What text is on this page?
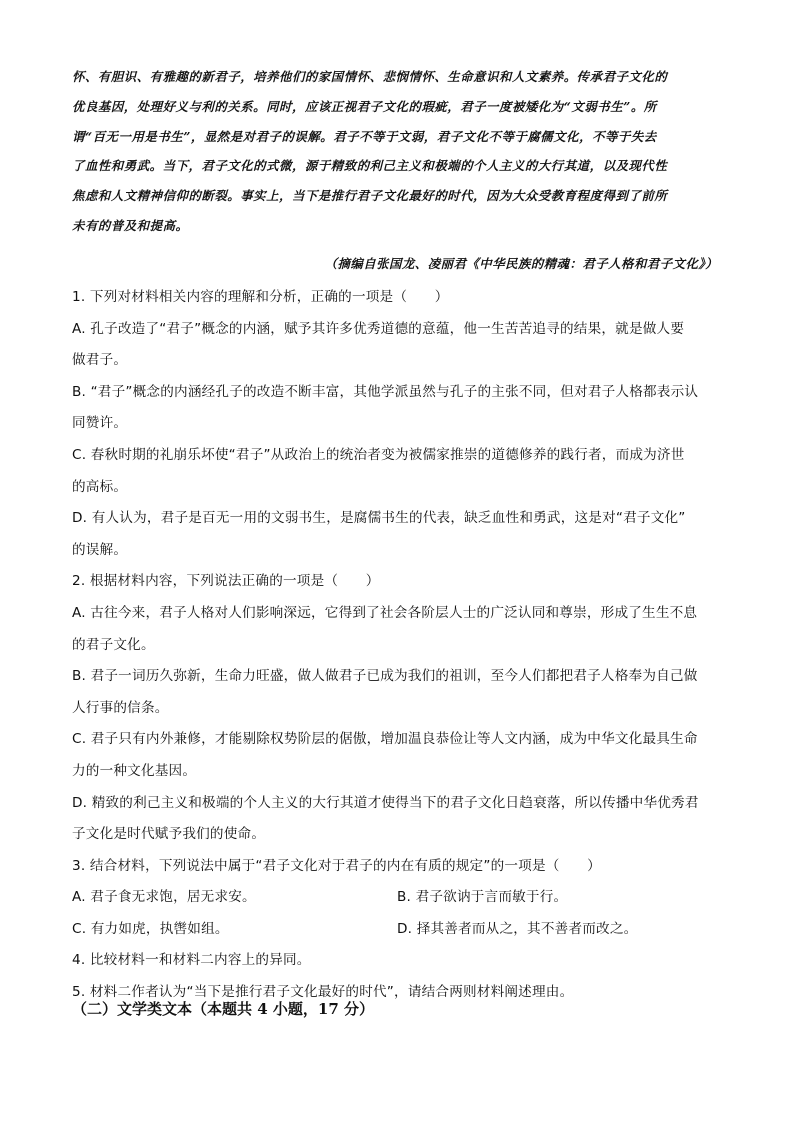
怀、有胆识、有雅趣的新君子，培养他们的家国情怀、悲悯情怀、生命意识和人文素养。传承君子文化的
优良基因，处理好义与利的关系。同时，应该正视君子文化的瑕疵，君子一度被矮化为“文弱书生”。所
谓“百无一用是书生”，显然是对君子的误解。君子不等于文弱，君子文化不等于腐儒文化，不等于失去
了血性和勇武。当下，君子文化的式微，源于精致的利己主义和极端的个人主义的大行其道，以及现代性
焦虑和人文精神信仰的断裂。事实上，当下是推行君子文化最好的时代，因为大众受教育程度得到了前所
未有的普及和提高。
（摘编自张国龙、凌丽君《中华民族的精魂：君子人格和君子文化》）
1. 下列对材料相关内容的理解和分析，正确的一项是（　　）
A. 孔子改造了“君子”概念的内涵，赋予其许多优秀道德的意蕴，他一生苦苦追寻的结果，就是做人要
做君子。
B. “君子”概念的内涵经孔子的改造不断丰富，其他学派虽然与孔子的主张不同，但对君子人格都表示认
同赞许。
C. 春秋时期的礼崩乐坏使“君子”从政治上的统治者变为被儒家推崇的道德修养的践行者，而成为济世
的高标。
D. 有人认为，君子是百无一用的文弱书生，是腐儒书生的代表，缺乏血性和勇武，这是对“君子文化”
的误解。
2. 根据材料内容，下列说法正确的一项是（　　）
A. 古往今来，君子人格对人们影响深远，它得到了社会各阶层人士的广泛认同和尊崇，形成了生生不息
的君子文化。
B. 君子一词历久弥新，生命力旺盛，做人做君子已成为我们的祖训，至今人们都把君子人格奉为自己做
人行事的信条。
C. 君子只有内外兼修，才能剔除权势阶层的倨傲，增加温良恭俭让等人文内涵，成为中华文化最具生命
力的一种文化基因。
D. 精致的利己主义和极端的个人主义的大行其道才使得当下的君子文化日趋衰落，所以传播中华优秀君
子文化是时代赋予我们的使命。
3. 结合材料，下列说法中属于“君子文化对于君子的内在有质的规定”的一项是（　　）
A. 君子食无求饱，居无求安。	B. 君子欲讷于言而敏于行。
C. 有力如虎，执辔如组。	D. 择其善者而从之，其不善者而改之。
4. 比较材料一和材料二内容上的异同。
5. 材料二作者认为“当下是推行君子文化最好的时代”，请结合两则材料阐述理由。
（二）文学类文本（本题共 4 小题，17 分）
